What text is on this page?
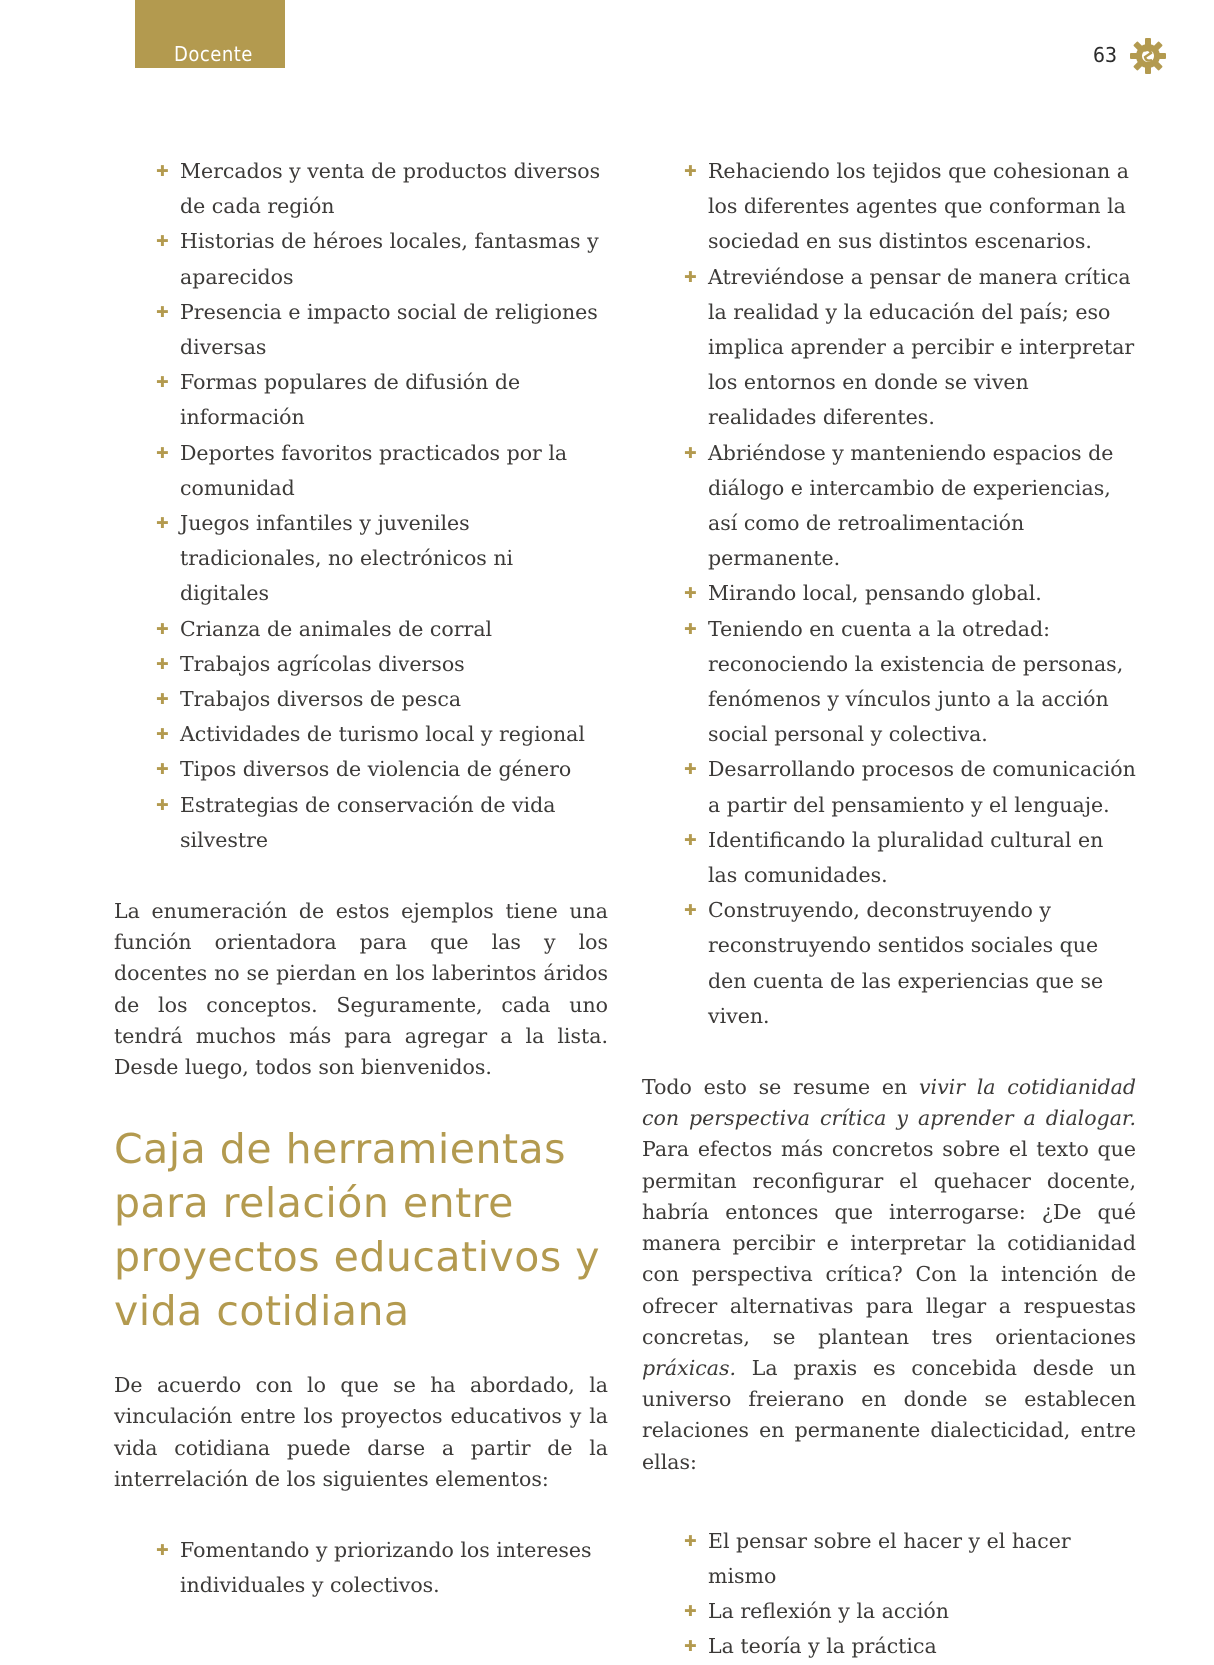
Docente	63
✚ Mercados y venta de productos diversos de cada región
✚ Historias de héroes locales, fantasmas y aparecidos
✚ Presencia e impacto social de religiones diversas
✚ Formas populares de difusión de información
✚ Deportes favoritos practicados por la comunidad
✚ Juegos infantiles y juveniles tradicionales, no electrónicos ni digitales
✚ Crianza de animales de corral
✚ Trabajos agrícolas diversos
✚ Trabajos diversos de pesca
✚ Actividades de turismo local y regional
✚ Tipos diversos de violencia de género
✚ Estrategias de conservación de vida silvestre

La enumeración de estos ejemplos tiene una función orientadora para que las y los docentes no se pierdan en los laberintos áridos de los conceptos. Seguramente, cada uno tendrá muchos más para agregar a la lista. Desde luego, todos son bienvenidos.

Caja de herramientas para relación entre proyectos educativos y vida cotidiana

De acuerdo con lo que se ha abordado, la vinculación entre los proyectos educativos y la vida cotidiana puede darse a partir de la interrelación de los siguientes elementos:

✚ Fomentando y priorizando los intereses individuales y colectivos.
✚ Rehaciendo los tejidos que cohesionan a los diferentes agentes que conforman la sociedad en sus distintos escenarios.
✚ Atreviéndose a pensar de manera crítica la realidad y la educación del país; eso implica aprender a percibir e interpretar los entornos en donde se viven realidades diferentes.
✚ Abriéndose y manteniendo espacios de diálogo e intercambio de experiencias, así como de retroalimentación permanente.
✚ Mirando local, pensando global.
✚ Teniendo en cuenta a la otredad: reconociendo la existencia de personas, fenómenos y vínculos junto a la acción social personal y colectiva.
✚ Desarrollando procesos de comunicación a partir del pensamiento y el lenguaje.
✚ Identificando la pluralidad cultural en las comunidades.
✚ Construyendo, deconstruyendo y reconstruyendo sentidos sociales que den cuenta de las experiencias que se viven.

Todo esto se resume en vivir la cotidianidad con perspectiva crítica y aprender a dialogar. Para efectos más concretos sobre el texto que permitan reconfigurar el quehacer docente, habría entonces que interrogarse: ¿De qué manera percibir e interpretar la cotidianidad con perspectiva crítica? Con la intención de ofrecer alternativas para llegar a respuestas concretas, se plantean tres orientaciones práxicas. La praxis es concebida desde un universo freierano en donde se establecen relaciones en permanente dialecticidad, entre ellas:

✚ El pensar sobre el hacer y el hacer mismo
✚ La reflexión y la acción
✚ La teoría y la práctica
